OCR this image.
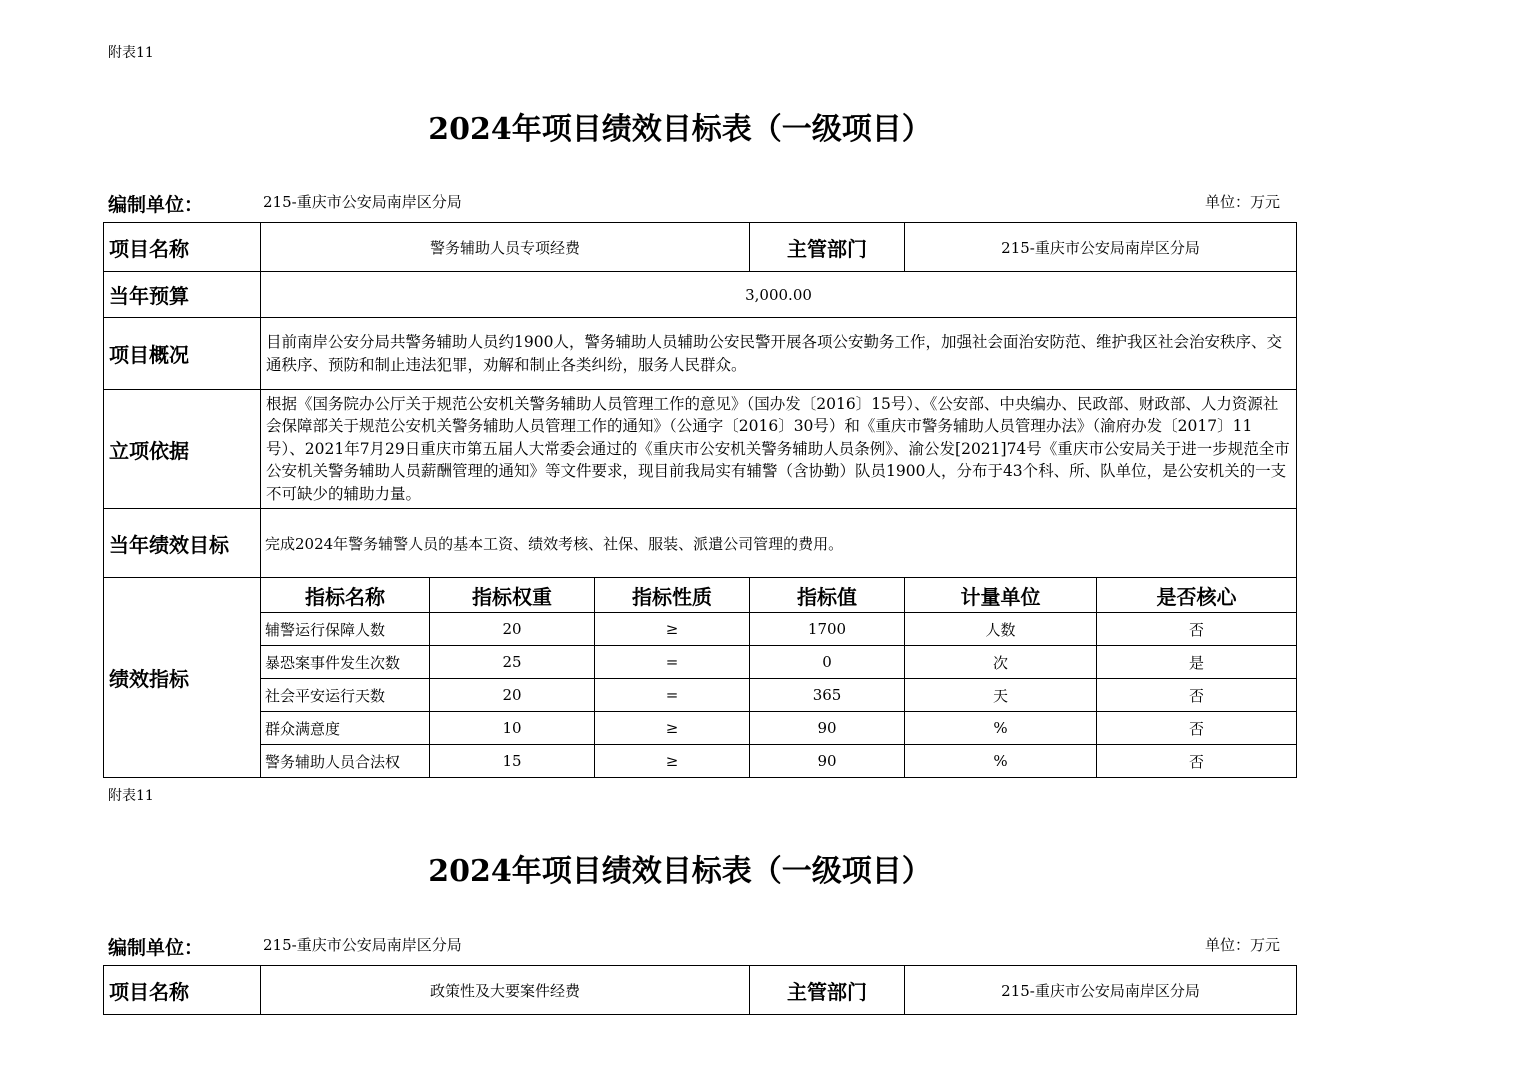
附表11
2024年项目绩效目标表（一级项目）
编制单位：	215-重庆市公安局南岸区分局	单位：万元
项目名称	警务辅助人员专项经费			主管部门	215-重庆市公安局南岸区分局	
当年预算	3,000.00					
项目概况	目前南岸公安分局共警务辅助人员约1900人，警务辅助人员辅助公安民警开展各项公安勤务工作，加强社会面治安防范、维护我区社会治安秩序、交通秩序、预防和制止违法犯罪，劝解和制止各类纠纷，服务人民群众。					
立项依据	根据《国务院办公厅关于规范公安机关警务辅助人员管理工作的意见》（国办发〔2016〕15号）、《公安部、中央编办、民政部、财政部、人力资源社会保障部关于规范公安机关警务辅助人员管理工作的通知》（公通字〔2016〕30号）和《重庆市警务辅助人员管理办法》（渝府办发〔2017〕11号）、2021年7月29日重庆市第五届人大常委会通过的《重庆市公安机关警务辅助人员条例》、渝公发[2021]74号《重庆市公安局关于进一步规范全市公安机关警务辅助人员薪酬管理的通知》等文件要求，现目前我局实有辅警（含协勤）队员1900人，分布于43个科、所、队单位，是公安机关的一支不可缺少的辅助力量。					
当年绩效目标	完成2024年警务辅警人员的基本工资、绩效考核、社保、服装、派遣公司管理的费用。					
绩效指标	指标名称	指标权重	指标性质	指标值	计量单位	是否核心
	辅警运行保障人数	20	≥	1700	人数	否
	暴恐案事件发生次数	25	=	0	次	是
	社会平安运行天数	20	=	365	天	否
	群众满意度	10	≥	90	%	否
	警务辅助人员合法权	15	≥	90	%	否
附表11
2024年项目绩效目标表（一级项目）
编制单位：	215-重庆市公安局南岸区分局	单位：万元
项目名称	政策性及大要案件经费	主管部门	215-重庆市公安局南岸区分局
